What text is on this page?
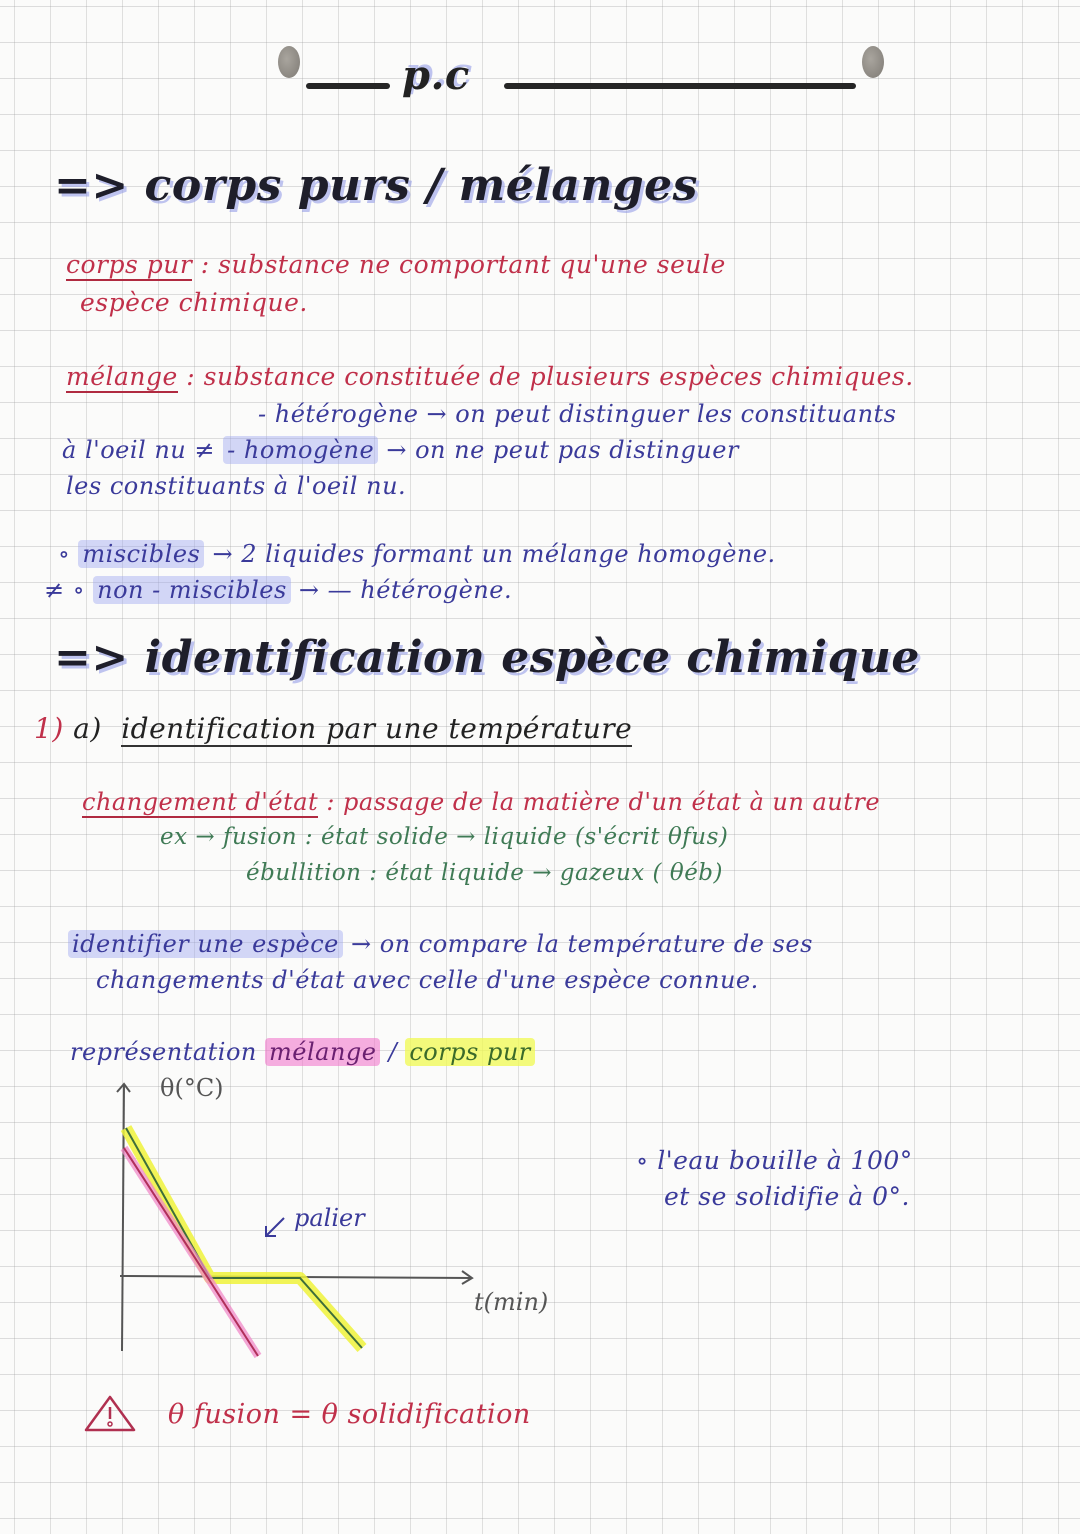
p.c
=> corps purs / mélanges
corps pur : substance ne comportant qu'une seule
espèce chimique.
mélange : substance constituée de plusieurs espèces chimiques.
- hétérogène → on peut distinguer les constituants
à l'oeil nu ≠ - homogène → on ne peut pas distinguer
les constituants à l'oeil nu.
∘ miscibles → 2 liquides formant un mélange homogène.
≠ ∘ non - miscibles → — hétérogène.
=> identification espèce chimique
1) a) identification par une température
changement d'état : passage de la matière d'un état à un autre
ex → fusion : état solide → liquide (s'écrit θfus)
ébullition : état liquide → gazeux ( θéb)
identifier une espèce → on compare la température de ses
changements d'état avec celle d'une espèce connue.
représentation mélange / corps pur
palier
θ(°C)
t(min)
∘ l'eau bouille à 100°
et se solidifie à 0°.
θ fusion = θ solidification
